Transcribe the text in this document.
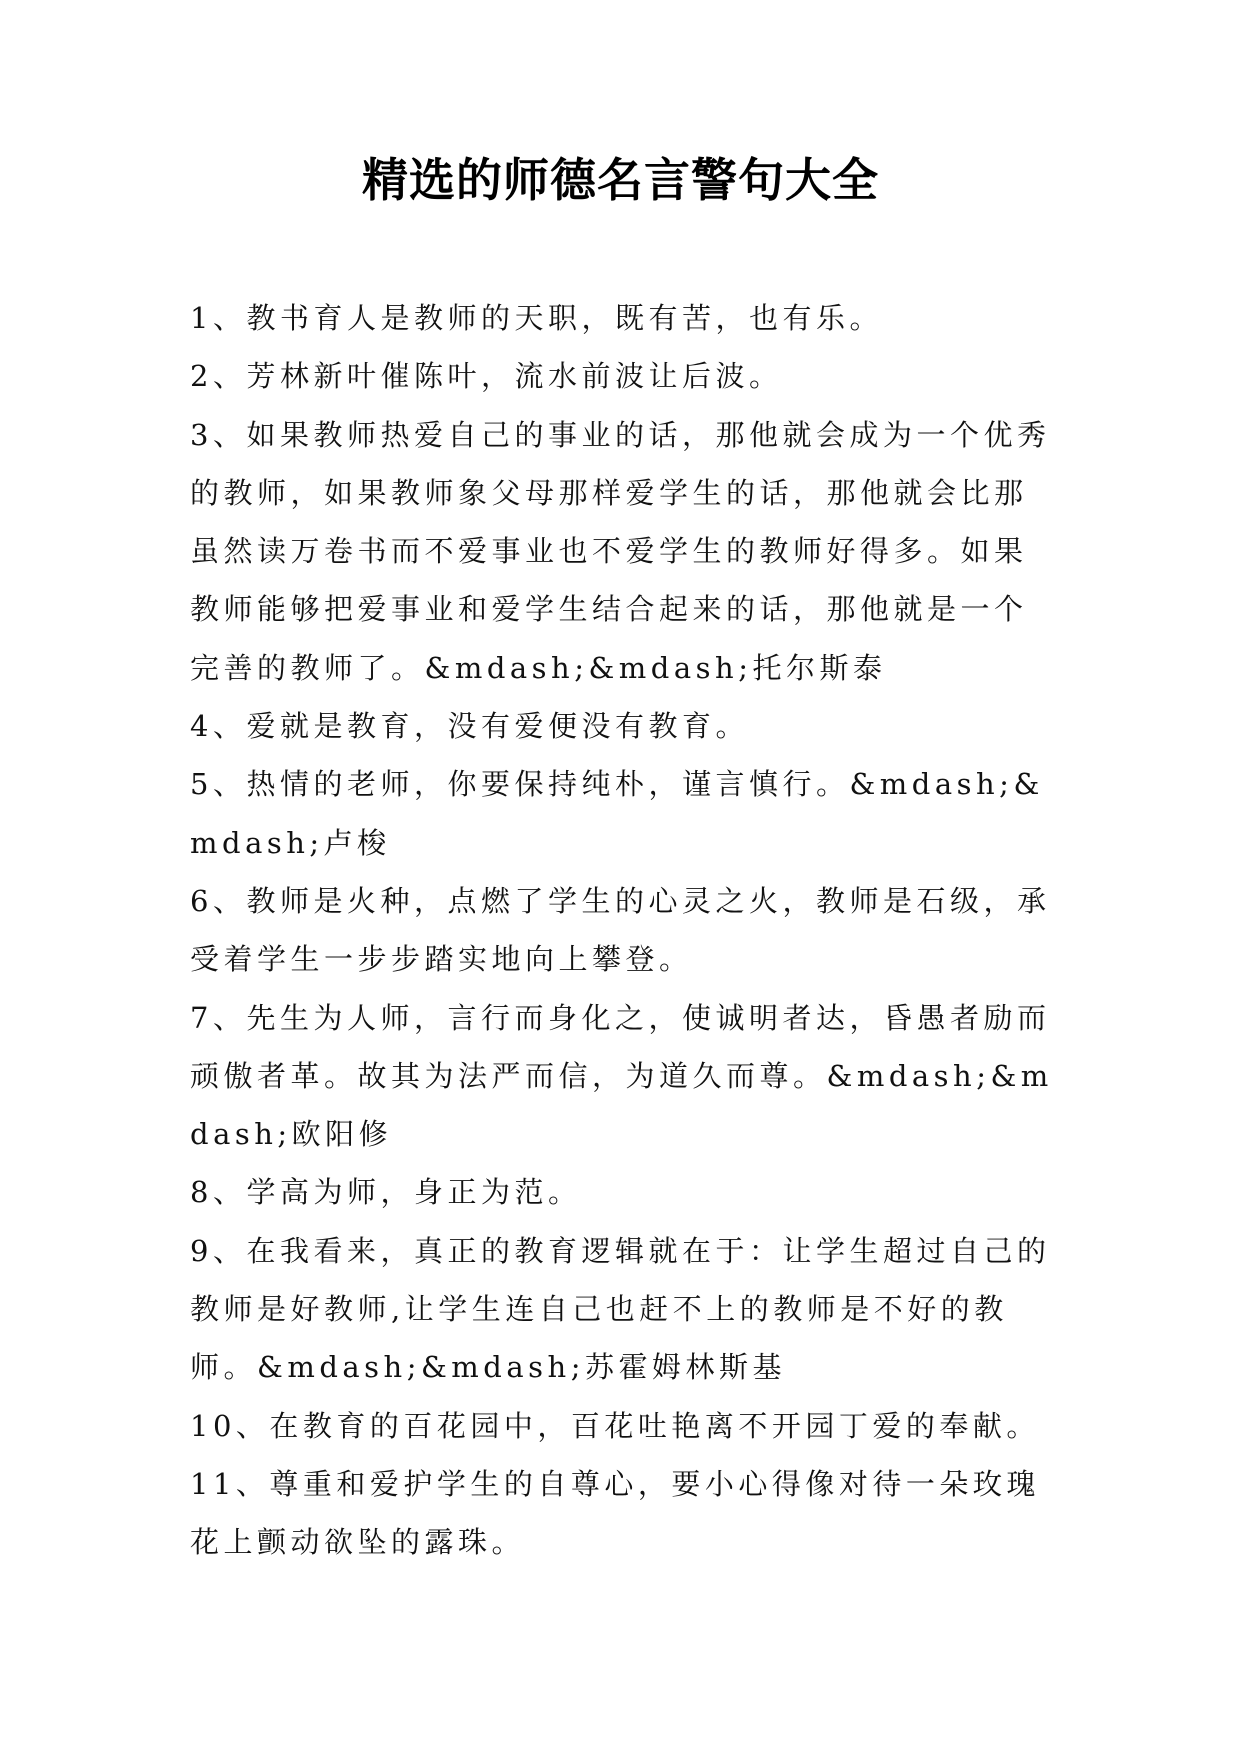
精选的师德名言警句大全
1、教书育人是教师的天职，既有苦，也有乐。
2、芳林新叶催陈叶，流水前波让后波。
3、如果教师热爱自己的事业的话，那他就会成为一个优秀的教师，如果教师象父母那样爱学生的话，那他就会比那虽然读万卷书而不爱事业也不爱学生的教师好得多。如果教师能够把爱事业和爱学生结合起来的话，那他就是一个完善的教师了。&mdash;&mdash;托尔斯泰
4、爱就是教育，没有爱便没有教育。
5、热情的老师，你要保持纯朴，谨言慎行。&mdash;&mdash;卢梭
6、教师是火种，点燃了学生的心灵之火，教师是石级，承受着学生一步步踏实地向上攀登。
7、先生为人师，言行而身化之，使诚明者达，昏愚者励而顽傲者革。故其为法严而信，为道久而尊。&mdash;&mdash;欧阳修
8、学高为师，身正为范。
9、在我看来，真正的教育逻辑就在于：让学生超过自己的教师是好教师,让学生连自己也赶不上的教师是不好的教师。&mdash;&mdash;苏霍姆林斯基
10、在教育的百花园中，百花吐艳离不开园丁爱的奉献。
11、尊重和爱护学生的自尊心，要小心得像对待一朵玫瑰花上颤动欲坠的露珠。
